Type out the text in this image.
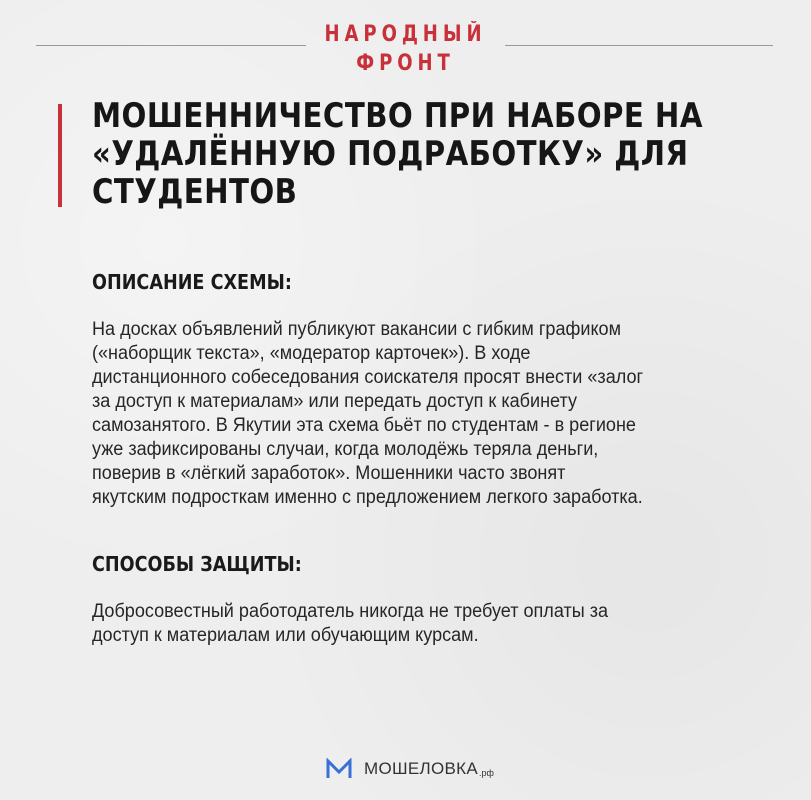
НАРОДНЫЙ
ФРОНТ
МОШЕННИЧЕСТВО ПРИ НАБОРЕ НА
«УДАЛЁННУЮ ПОДРАБОТКУ» ДЛЯ
СТУДЕНТОВ
ОПИСАНИЕ СХЕМЫ:
На досках объявлений публикуют вакансии с гибким графиком
(«наборщик текста», «модератор карточек»). В ходе
дистанционного собеседования соискателя просят внести «залог
за доступ к материалам» или передать доступ к кабинету
самозанятого. В Якутии эта схема бьёт по студентам - в регионе
уже зафиксированы случаи, когда молодёжь теряла деньги,
поверив в «лёгкий заработок». Мошенники часто звонят
якутским подросткам именно с предложением легкого заработка.
СПОСОБЫ ЗАЩИТЫ:
Добросовестный работодатель никогда не требует оплаты за
доступ к материалам или обучающим курсам.
МОШЕЛОВКА .рф
